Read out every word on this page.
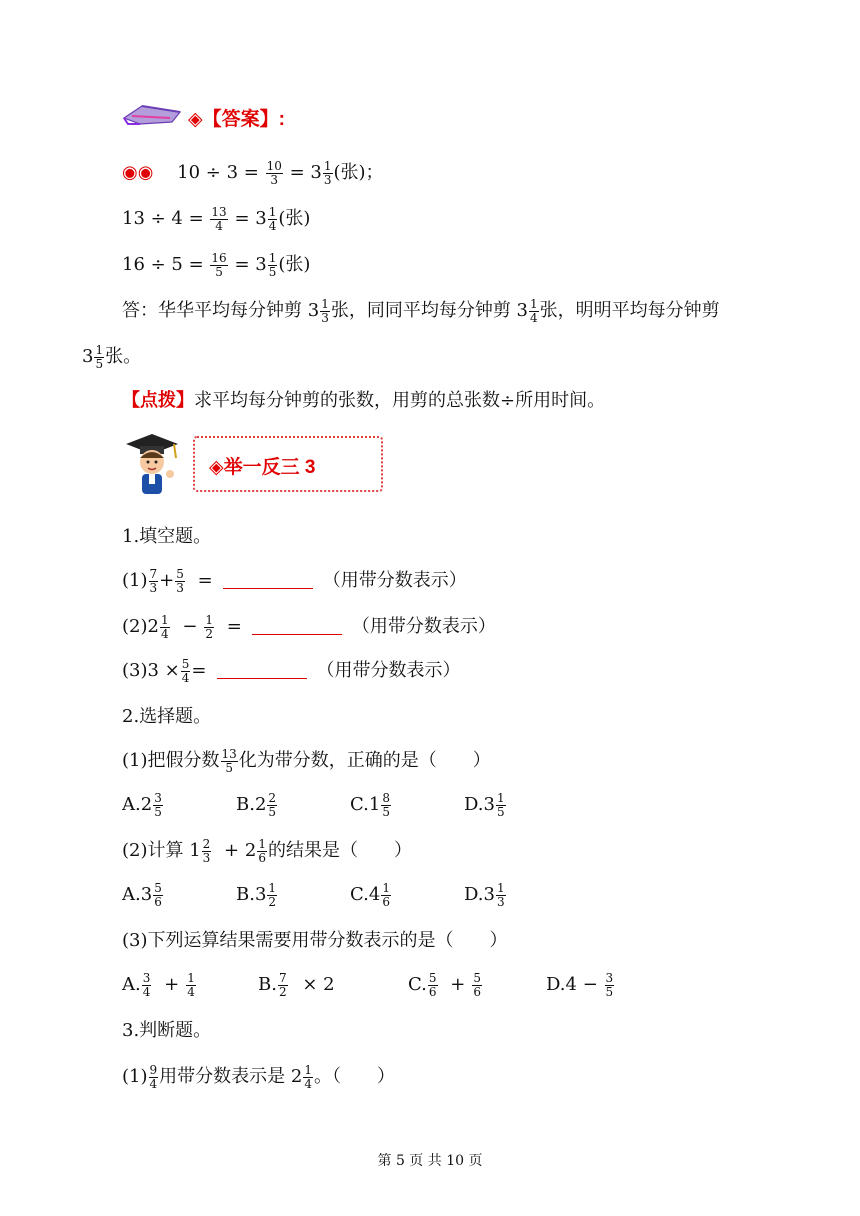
◈【答案】:
◉◉ $10 \div 3 = \frac{10}{3} = 3 \frac{1}{3}$ (张)；
$13 \div 4 = \frac{13}{4} = 3 \frac{1}{4}$ (张)
$16 \div 5 = \frac{16}{5} = 3 \frac{1}{5}$ (张)
答：华华平均每分钟剪 $3 \frac{1}{3}$ 张，同同平均每分钟剪 $3 \frac{1}{4}$ 张，明明平均每分钟剪
$3 \frac{1}{5}$ 张。
【点拨】求平均每分钟剪的张数，用剪的总张数÷所用时间。
◈举一反三 3
1.填空题。
$(1) \frac{7}{3} + \frac{5}{3}$ =	（用带分数表示）
$(2)2 \frac{1}{4} - \frac{1}{2}$ =	（用带分数表示）
$(3)3 \times \frac{5}{4}$ =	（用带分数表示）
2.选择题。
(1)把假分数 $\frac{13}{5}$ 化为带分数，正确的是（　　）
$A.2 \frac{3}{5}$	$B.2 \frac{2}{5}$	$C.1 \frac{8}{5}$	$D.3 \frac{1}{5}$
(2)计算 $1 \frac{2}{3} + 2 \frac{1}{6}$ 的结果是（　　）
$A.3 \frac{5}{6}$	$B.3 \frac{1}{2}$	$C.4 \frac{1}{6}$	$D.3 \frac{1}{3}$
(3)下列运算结果需要用带分数表示的是（　　）
A. $\frac{3}{4} + \frac{1}{4}$	B. $\frac{7}{2} \times 2$	C. $\frac{5}{6} + \frac{5}{6}$	$D.4 - \frac{3}{5}$
3.判断题。
$(1) \frac{9}{4}$ 用带分数表示是 $2 \frac{1}{4}$ 。（　　）
第 5 页 共 10 页
